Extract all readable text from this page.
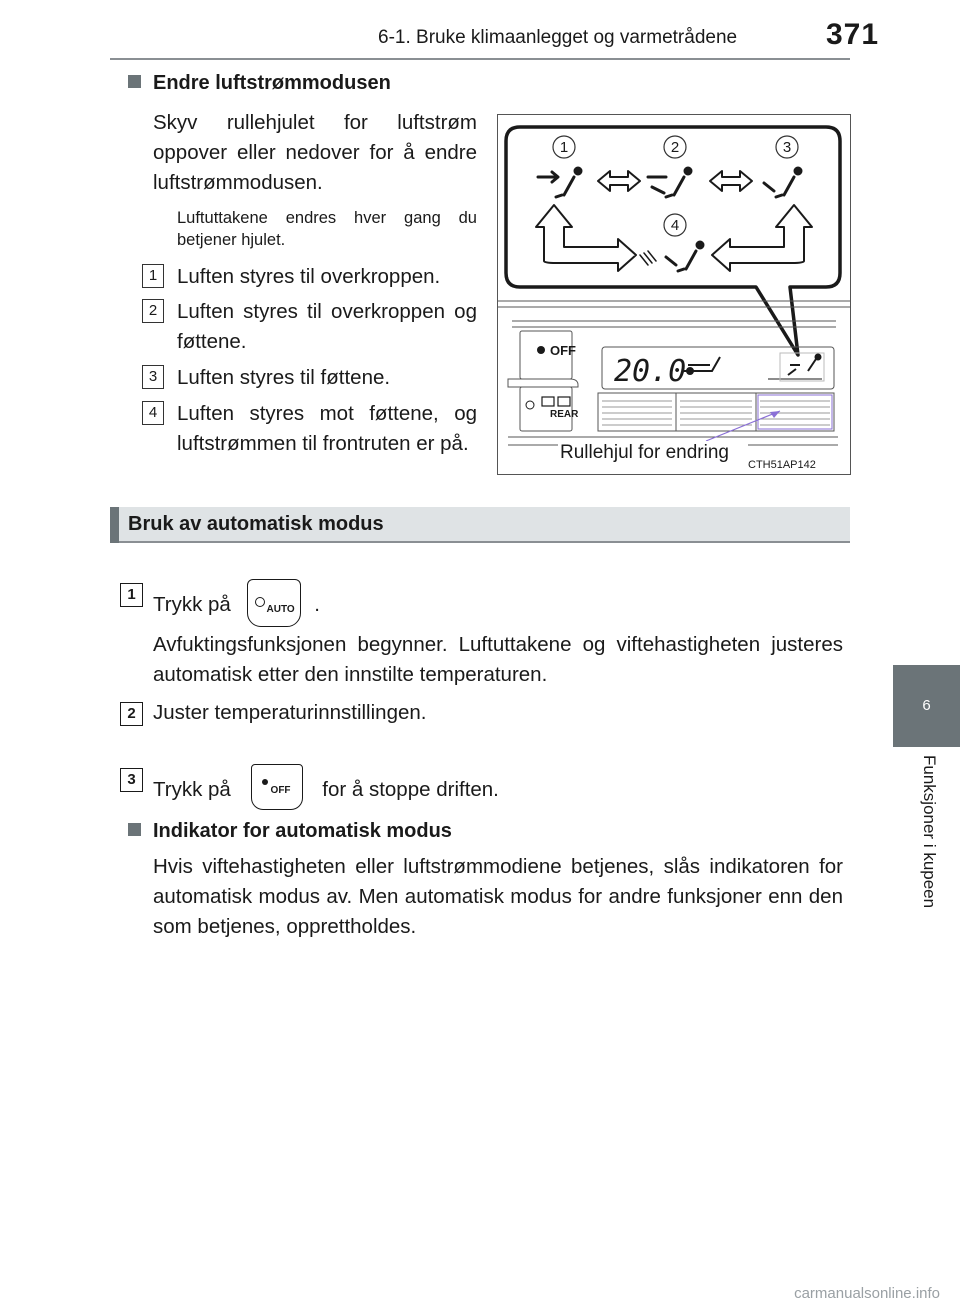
6-1. Bruke klimaanlegget og varmetrådene	371
6
Funksjoner i kupeen
Endre luftstrømmodusen
Skyv rullehjulet for luftstrøm oppover eller nedover for å endre luftstrømmodusen.
Luftuttakene endres hver gang du betjener hjulet.
1 Luften styres til overkroppen.
2 Luften styres til overkroppen og føttene.
3 Luften styres til føttene.
4 Luften styres mot føttene, og luftstrømmen til frontruten er på.
1	2	3
4
20.0
OFF
REAR
Rullehjul for endring
CTH51AP142
Bruk av automatisk modus
1 Trykk på	AUTO .
Avfuktingsfunksjonen begynner. Luftuttakene og viftehastigheten justeres automatisk etter den innstilte temperaturen.
2 Juster temperaturinnstillingen.
3 Trykk på	OFF for å stoppe driften.
Indikator for automatisk modus
Hvis viftehastigheten eller luftstrømmodiene betjenes, slås indikatoren for automatisk modus av. Men automatisk modus for andre funksjoner enn den som betjenes, opprettholdes.
carmanualsonline.info
